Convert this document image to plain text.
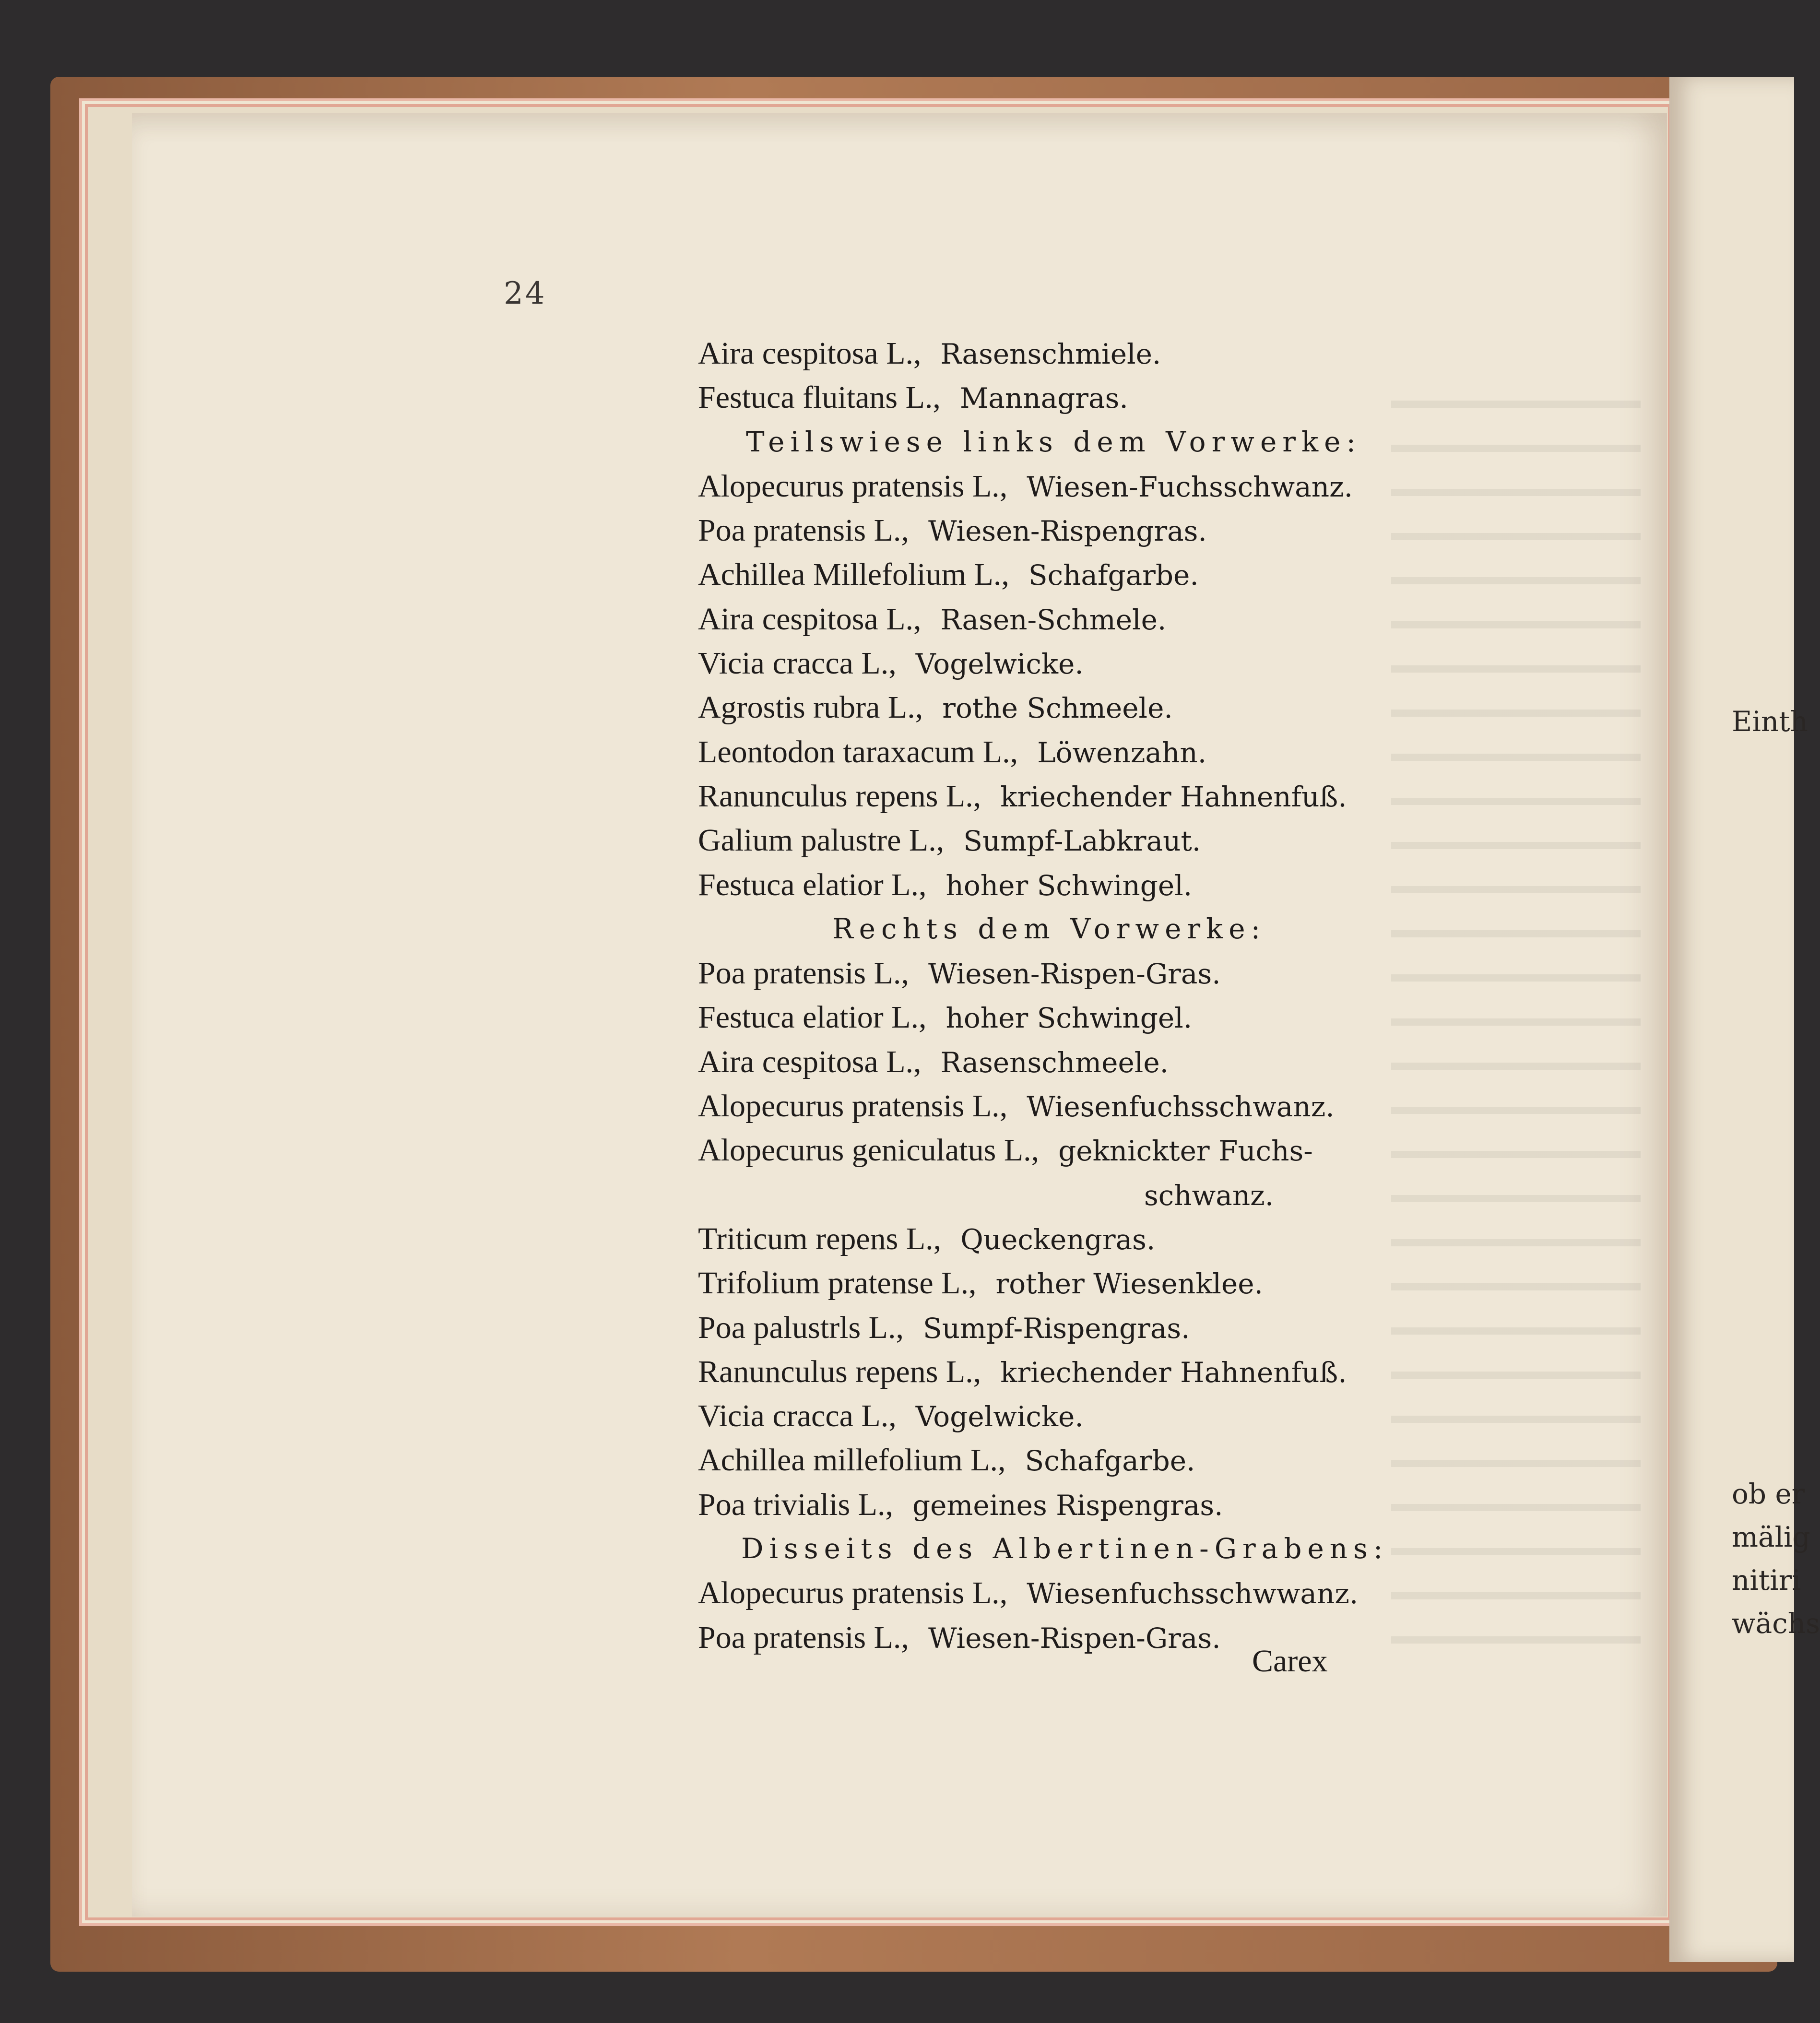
Einth
ob er
mälig
nitiri
wächs
24
Aira cespitosa L., Rasenschmiele.
Festuca fluitans L., Mannagras.
Teilswiese links dem Vorwerke:
Alopecurus pratensis L., Wiesen-Fuchsschwanz.
Poa pratensis L., Wiesen-Rispengras.
Achillea Millefolium L., Schafgarbe.
Aira cespitosa L., Rasen-Schmele.
Vicia cracca L., Vogelwicke.
Agrostis rubra L., rothe Schmeele.
Leontodon taraxacum L., Löwenzahn.
Ranunculus repens L., kriechender Hahnenfuß.
Galium palustre L., Sumpf-Labkraut.
Festuca elatior L., hoher Schwingel.
Rechts dem Vorwerke:
Poa pratensis L., Wiesen-Rispen-Gras.
Festuca elatior L., hoher Schwingel.
Aira cespitosa L., Rasenschmeele.
Alopecurus pratensis L., Wiesenfuchsschwanz.
Alopecurus geniculatus L., geknickter Fuchs-
schwanz.
Triticum repens L., Queckengras.
Trifolium pratense L., rother Wiesenklee.
Poa palustrls L., Sumpf-Rispengras.
Ranunculus repens L., kriechender Hahnenfuß.
Vicia cracca L., Vogelwicke.
Achillea millefolium L., Schafgarbe.
Poa trivialis L., gemeines Rispengras.
Disseits des Albertinen-Grabens:
Alopecurus pratensis L., Wiesenfuchsschwwanz.
Poa pratensis L., Wiesen-Rispen-Gras.
Carex
